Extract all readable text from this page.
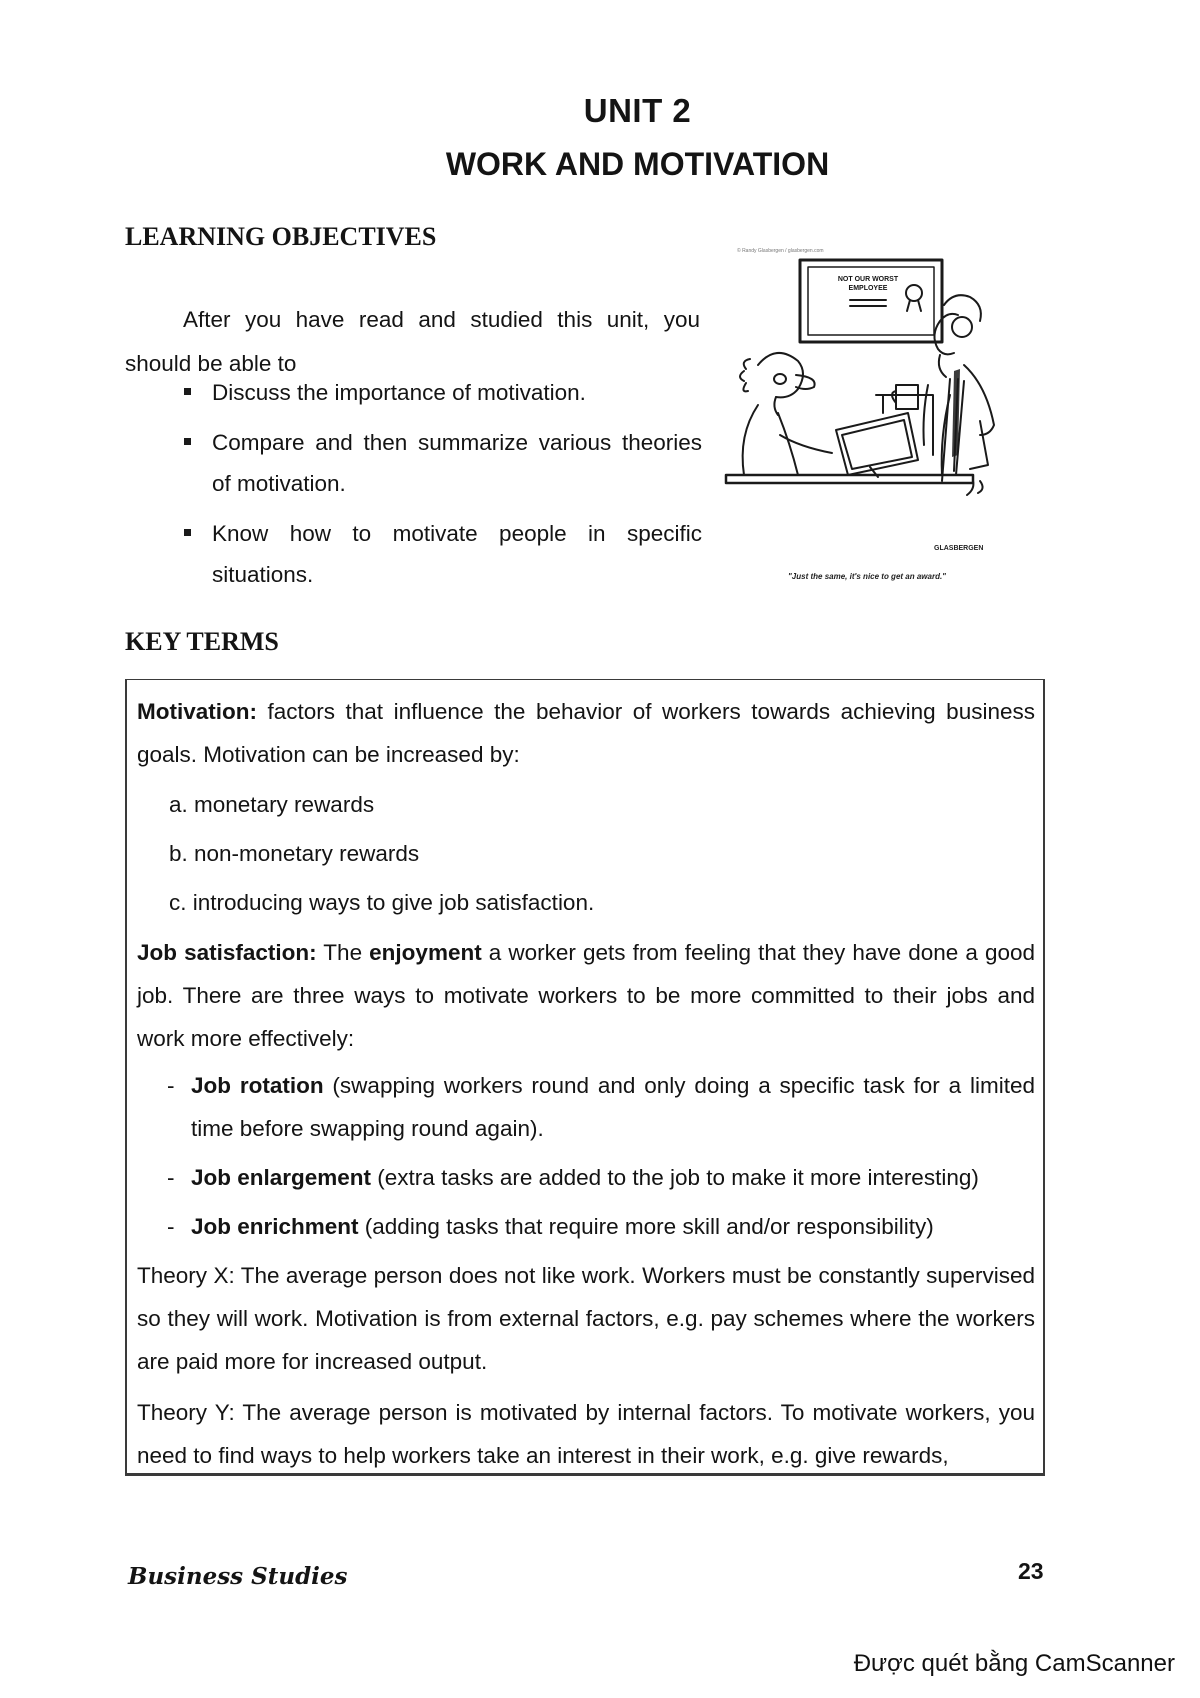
UNIT 2
WORK AND MOTIVATION
LEARNING OBJECTIVES

After you have read and studied this unit, you should be able to

Discuss the importance of motivation.
Compare and then summarize various theories of motivation.
Know how to motivate people in specific situations.
© Randy Glasbergen / glasbergen.com
GLASBERGEN
"Just the same, it's nice to get an award."
NOT OUR WORST
EMPLOYEE
KEY TERMS

Motivation: factors that influence the behavior of workers towards achieving business goals. Motivation can be increased by:

a. monetary rewards
b. non-monetary rewards
c. introducing ways to give job satisfaction.

Job satisfaction: The enjoyment a worker gets from feeling that they have done a good job. There are three ways to motivate workers to be more committed to their jobs and work more effectively:

- Job rotation (swapping workers round and only doing a specific task for a limited time before swapping round again).
- Job enlargement (extra tasks are added to the job to make it more interesting)
- Job enrichment (adding tasks that require more skill and/or responsibility)

Theory X: The average person does not like work. Workers must be constantly supervised so they will work. Motivation is from external factors, e.g. pay schemes where the workers are paid more for increased output.

Theory Y: The average person is motivated by internal factors. To motivate workers, you need to find ways to help workers take an interest in their work, e.g. give rewards,

Business Studies	23
Được quét bằng CamScanner
